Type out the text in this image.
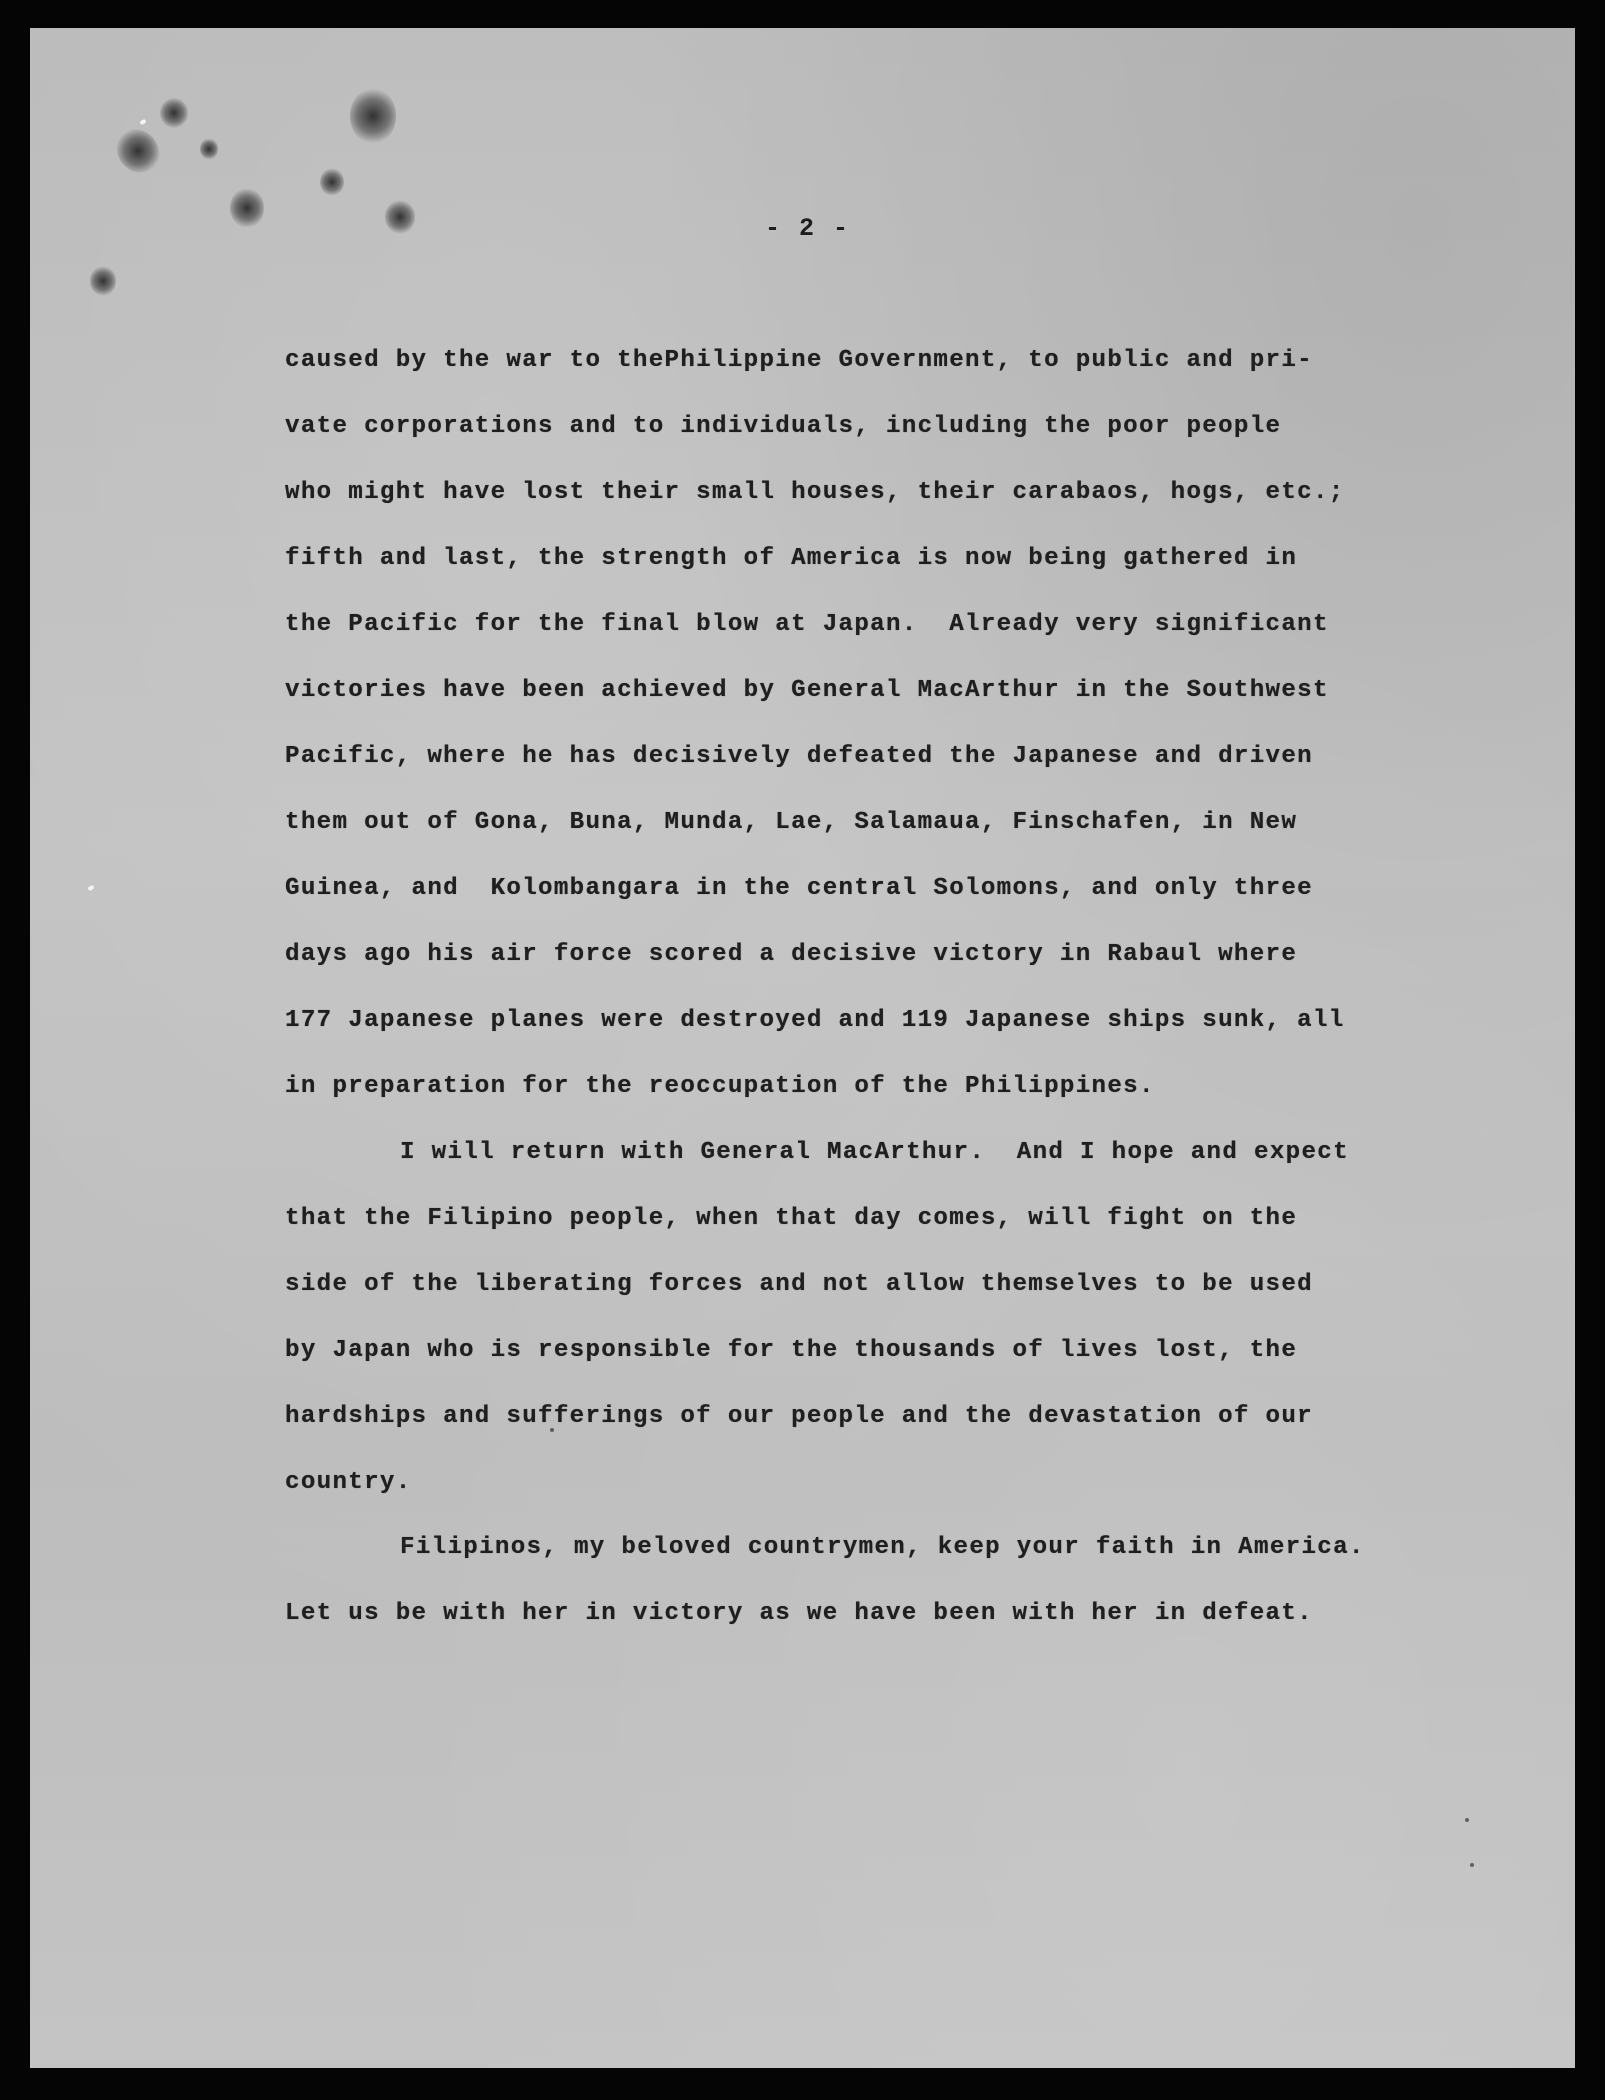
- 2 -
caused by the war to thePhilippine Government, to public and pri-
vate corporations and to individuals, including the poor people
who might have lost their small houses, their carabaos, hogs, etc.;
fifth and last, the strength of America is now being gathered in
the Pacific for the final blow at Japan.  Already very significant
victories have been achieved by General MacArthur in the Southwest
Pacific, where he has decisively defeated the Japanese and driven
them out of Gona, Buna, Munda, Lae, Salamaua, Finschafen, in New
Guinea, and  Kolombangara in the central Solomons, and only three
days ago his air force scored a decisive victory in Rabaul where
177 Japanese planes were destroyed and 119 Japanese ships sunk, all
in preparation for the reoccupation of the Philippines.
I will return with General MacArthur.  And I hope and expect
that the Filipino people, when that day comes, will fight on the
side of the liberating forces and not allow themselves to be used
by Japan who is responsible for the thousands of lives lost, the
hardships and sufferings of our people and the devastation of our
country.
Filipinos, my beloved countrymen, keep your faith in America.
Let us be with her in victory as we have been with her in defeat.
